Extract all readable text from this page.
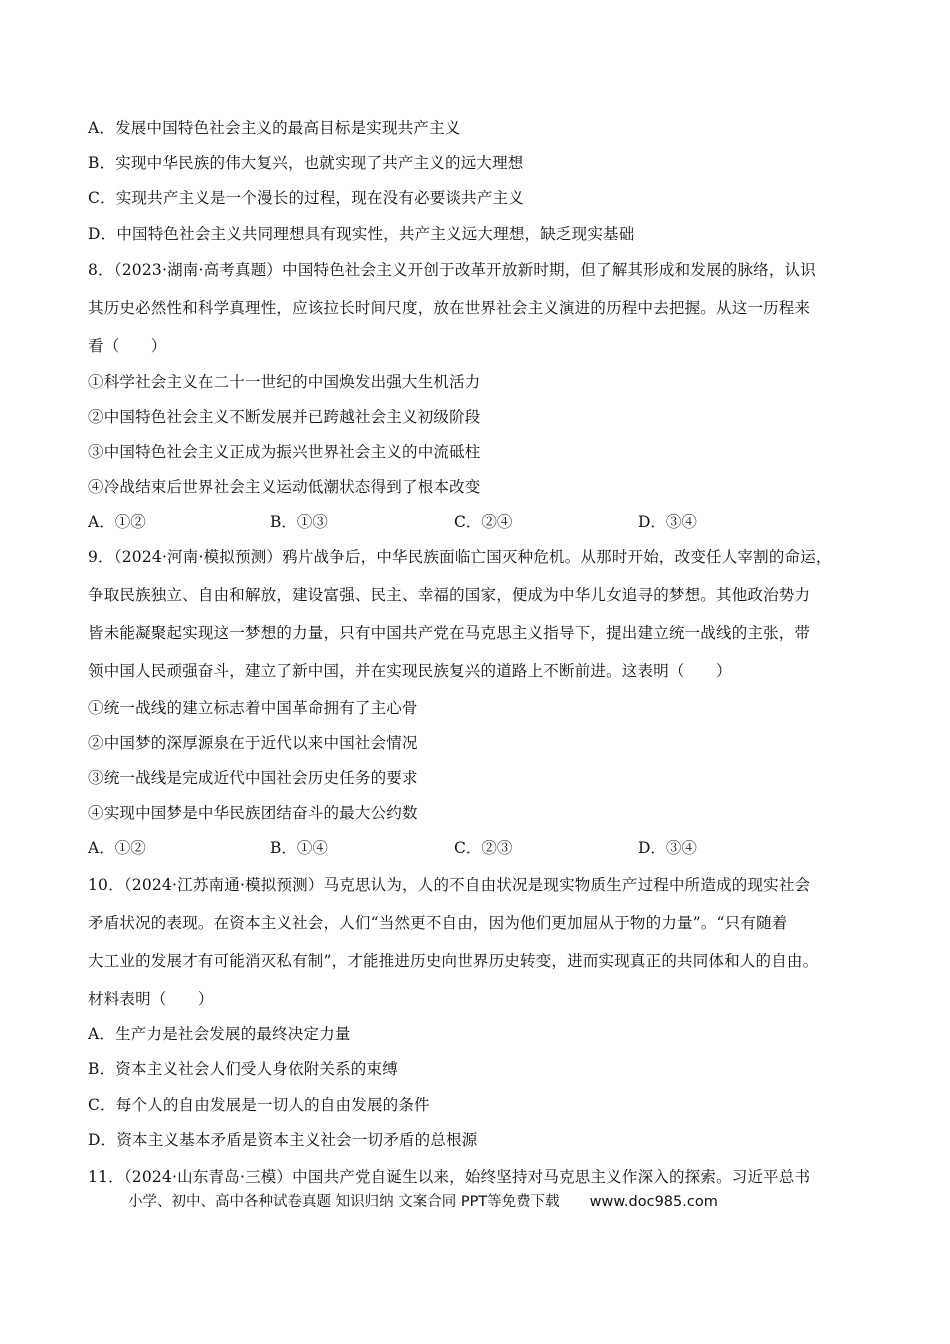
A．发展中国特色社会主义的最高目标是实现共产主义
B．实现中华民族的伟大复兴，也就实现了共产主义的远大理想
C．实现共产主义是一个漫长的过程，现在没有必要谈共产主义
D．中国特色社会主义共同理想具有现实性，共产主义远大理想，缺乏现实基础
8．（2023·湖南·高考真题）中国特色社会主义开创于改革开放新时期，但了解其形成和发展的脉络，认识
其历史必然性和科学真理性，应该拉长时间尺度，放在世界社会主义演进的历程中去把握。从这一历程来
看（　　）
①科学社会主义在二十一世纪的中国焕发出强大生机活力
②中国特色社会主义不断发展并已跨越社会主义初级阶段
③中国特色社会主义正成为振兴世界社会主义的中流砥柱
④冷战结束后世界社会主义运动低潮状态得到了根本改变
A．①②	B．①③	C．②④	D．③④
9．（2024·河南·模拟预测）鸦片战争后，中华民族面临亡国灭种危机。从那时开始，改变任人宰割的命运，
争取民族独立、自由和解放，建设富强、民主、幸福的国家，便成为中华儿女追寻的梦想。其他政治势力
皆未能凝聚起实现这一梦想的力量，只有中国共产党在马克思主义指导下，提出建立统一战线的主张，带
领中国人民顽强奋斗，建立了新中国，并在实现民族复兴的道路上不断前进。这表明（　　）
①统一战线的建立标志着中国革命拥有了主心骨
②中国梦的深厚源泉在于近代以来中国社会情况
③统一战线是完成近代中国社会历史任务的要求
④实现中国梦是中华民族团结奋斗的最大公约数
A．①②	B．①④	C．②③	D．③④
10．（2024·江苏南通·模拟预测）马克思认为，人的不自由状况是现实物质生产过程中所造成的现实社会
矛盾状况的表现。在资本主义社会，人们“当然更不自由，因为他们更加屈从于物的力量”。“只有随着
大工业的发展才有可能消灭私有制”，才能推进历史向世界历史转变，进而实现真正的共同体和人的自由。
材料表明（　　）
A．生产力是社会发展的最终决定力量
B．资本主义社会人们受人身依附关系的束缚
C．每个人的自由发展是一切人的自由发展的条件
D．资本主义基本矛盾是资本主义社会一切矛盾的总根源
11．（2024·山东青岛·三模）中国共产党自诞生以来，始终坚持对马克思主义作深入的探索。习近平总书
小学、初中、高中各种试卷真题 知识归纳 文案合同 PPT等免费下载 www.doc985.com
